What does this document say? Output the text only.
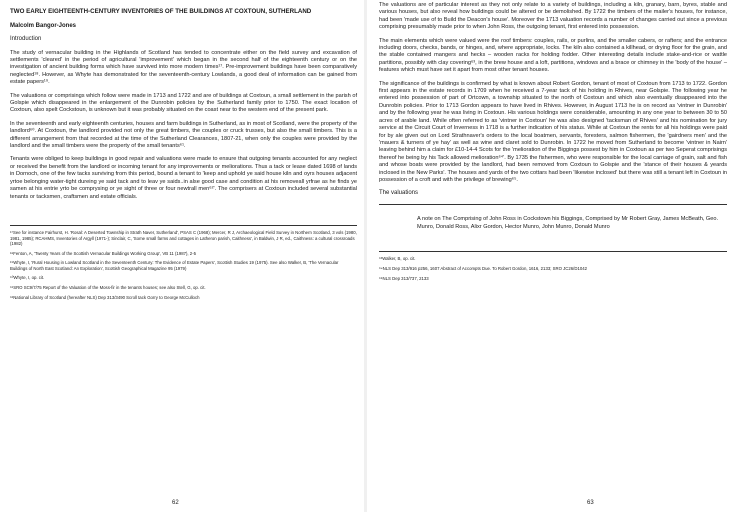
TWO EARLY EIGHTEENTH-CENTURY INVENTORIES OF THE BUILDINGS AT COXTOUN, SUTHERLAND
Malcolm Bangor-Jones
Introduction

The study of vernacular building in the Highlands of Scotland has tended to concentrate either on the field survey and excavation of settlements 'cleared' in the period of agricultural 'improvement' which began in the second half of the eighteenth century or on the investigation of ancient building forms which have survived into more modern times¹⁷. Pre-improvement buildings have been comparatively neglected¹⁸. However, as Whyte has demonstrated for the seventeenth-century Lowlands, a good deal of information can be gained from estate papers¹⁹.

The valuations or comprisings which follow were made in 1713 and 1722 and are of buildings at Coxtoun, a small settlement in the parish of Golspie which disappeared in the enlargement of the Dunrobin policies by the Sutherland family prior to 1750. The exact location of Coxtoun, also spelt Cockstoun, is unknown but it was probably situated on the coast near to the western end of the present park.

In the seventeenth and early eighteenth centuries, houses and farm buildings in Sutherland, as in most of Scotland, were the property of the landlord⁶⁰. At Coxtoun, the landlord provided not only the great timbers, the couples or cruck trusses, but also the small timbers. This is a different arrangement from that recorded at the time of the Sutherland Clearances, 1807-21, when only the couples were provided by the landlord and the small timbers were the property of the small tenants⁶¹.

Tenants were obliged to keep buildings in good repair and valuations were made to ensure that outgoing tenants accounted for any neglect or received the benefit from the landlord or incoming tenant for any improvements or meliorations. Thus a tack or lease dated 1698 of lands in Dornoch, one of the few tacks surviving from this period, bound a tenant to 'keep and uphold ye said house kiln and oyrs houses adjacent yrtoe belonging water-tight dureing ye said tack and to leav ye saids..in alse good case and condition at his removeall yrfrae as he finds ye samen at his entrie yrto be comprysing or ye sight of three or four newtrall men⁶²'. The comprisers at Coxtoun included several substantial tenants or tacksmen, craftsmen and estate officials.

¹⁷See for instance Fairhurst, H. 'Rosal: A Deserted Township in Strath Naver, Sutherland', PSAS C (1968); Mercer, R J, Archaeological Field Survey in Northern Scotland, 3 vols (1980, 1981, 1985); RCAHMS, Inventories of Argyll (1971-); Sinclair, C, 'Some small farms and cottages in Latheron parish, Caithness', in Baldwin, J R, ed., Caithness: a cultural crossroads (1982)

¹⁸Fenton, A, 'Twenty Years of the Scottish Vernacular Buildings Working Group', VB 11 (1987), 2-5

¹⁹Whyte, I, 'Rural Housing in Lowland Scotland in the Seventeenth Century: The Evidence of Estate Papers', Scottish Studies 19 (1975). See also Walker, B, 'The Vernacular Buildings of North East Scotland: An Exploration', Scottish Geographical Magazine 95 (1979)

⁶⁰Whyte, I, op. cit.

⁶¹SRO SC9/7/75 Report of the Valuation of the Moss-fir in the tenants houses; see also Stell, G, op. cit.

⁶²National Library of Scotland (hereafter NLS) Dep 313/3490 Scroll tack Gorry to George McCulloch

62

The valuations are of particular interest as they not only relate to a variety of buildings, including a kiln, granary, barn, byres, stable and various houses, but also reveal how buildings could be altered or be demolished. By 1722 the timbers of the mailer's houses, for instance, had been 'made use of to Build the Deacon's house'. Moreover the 1713 valuation records a number of changes carried out since a previous comprising presumably made prior to when John Ross, the outgoing tenant, first entered into possession.

The main elements which were valued were the roof timbers: couples, rails, or purlins, and the smaller cabers, or rafters; and the entrance including doors, checks, bands, or hinges, and, where appropriate, locks. The kiln also contained a killhead, or drying floor for the grain, and the stable contained mangers and hecks – wooden racks for holding fodder. Other interesting details include stake-and-rice or wattle partitions, possibly with clay covering⁶³, in the brew house and a loft, partitions, windows and a brace or chimney in the 'body of the house' – features which must have set it apart from most other tenant houses.

The significance of the buildings is confirmed by what is known about Robert Gordon, tenant of most of Coxtoun from 1713 to 1722. Gordon first appears in the estate records in 1709 when he received a 7-year tack of his holding in Rhives, near Golspie. The following year he entered into possession of part of Ortcown, a township situated to the north of Coxtoun and which also eventually disappeared into the Dunrobin policies. Prior to 1713 Gordon appears to have lived in Rhives. However, in August 1713 he is on record as 'vintner in Dunrobin' and by the following year he was living in Coxtoun. His various holdings were considerable, amounting in any one year to between 30 to 50 acres of arable land. While often referred to as 'vintner in Coxtoun' he was also designed 'tacksman of Rhives' and his nomination for jury service at the Circuit Court of Inverness in 1718 is a further indication of his status. While at Coxtoun the rents for all his holdings were paid for by ale given out on Lord Strathnaver's orders to the local boatmen, servants, foresters, salmon fishermen, the 'gairdners men' and the 'mauers & turners of ye hay' as well as wine and claret sold to Dunrobin. In 1722 he moved from Sutherland to become 'vintner in Nairn' leaving behind him a claim for £10-14-4 Scots for the 'melioration of the Biggings possest by him in Coxtoun as per two Seperat comprisings thereof he being by his Tack allowed melioration⁶⁴'. By 1735 the fishermen, who were responsible for the local carriage of grain, salt and fish and whose boats were provided by the landlord, had been removed from Coxtoun to Golspie and the 'stance of their houses & yeards inclosed in the New Parks'. The houses and yards of the two cottars had been 'likewise inclosed' but there was still a tenant left in Coxtoun in possession of a croft and with the privilege of brewing⁶⁵.

The valuations

A note on The Comprising of John Ross in Cockstown his Biggings, Comprised by Mr Robert Gray, James McBeath, Geo. Munro, Donald Ross, Alixr Gordon, Hector Munro, John Munro, Donald Munro

⁶³Walker, B, op. cit.

⁶⁴NLS Dep 313/916 p256, 1607 Abstract of Accompts Due. To Robert Gordon, 1616, 2133; SRO JC26/D1042

⁶⁵NLS Dep 313/737, 2133

63
